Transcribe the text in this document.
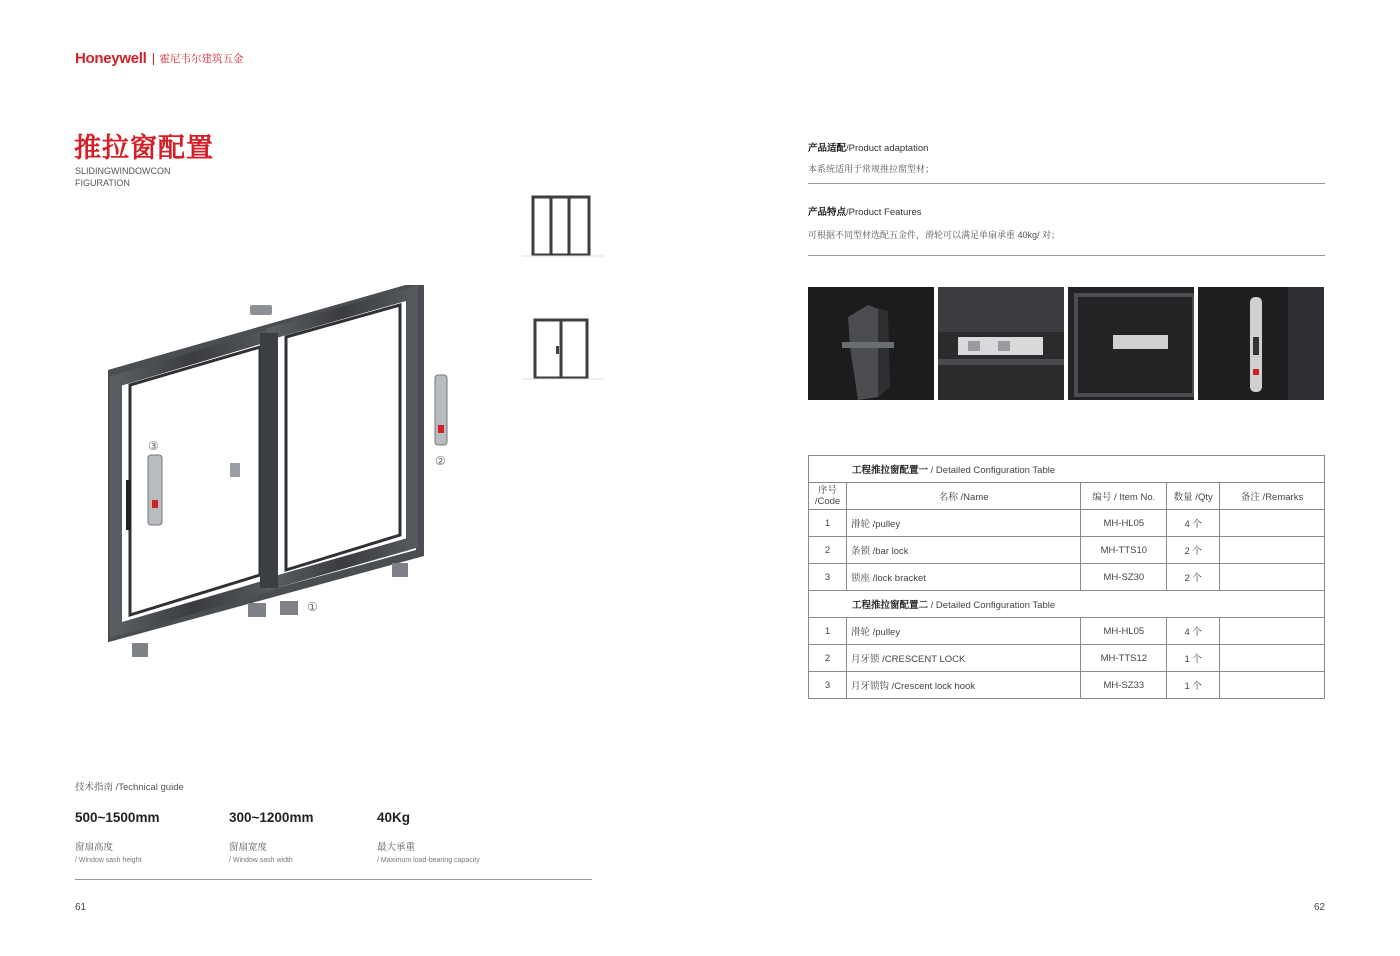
Honeywell 霍尼韦尔建筑五金
推拉窗配置
SLIDINGWINDOWCON
FIGURATION
③
②
①
技术指南 /Technical guide
500~1500mm
窗扇高度
/ Window sash height
300~1200mm
窗扇宽度
/ Window sash width
40Kg
最大承重
/ Maximum load-bearing capacity
61	62
产品适配/Product adaptation
本系统适用于常规推拉窗型材；
产品特点/Product Features
可根据不同型材选配五金件，滑轮可以满足单扇承重 40kg/ 对；
工程推拉窗配置一 / Detailed Configuration Table				

序号
/Code	名称 /Name	编号 / Item No.	数量 /Qty	备注 /Remarks
1	滑轮 /pulley	MH-HL05	4 个	
2	条锁 /bar lock	MH-TTS10	2 个	
3	锁座 /lock bracket	MH-SZ30	2 个	
工程推拉窗配置二 / Detailed Configuration Table				
1	滑轮 /pulley	MH-HL05	4 个	
2	月牙锁 /CRESCENT LOCK	MH-TTS12	1 个	
3	月牙锁钩 /Crescent lock hook	MH-SZ33	1 个	
